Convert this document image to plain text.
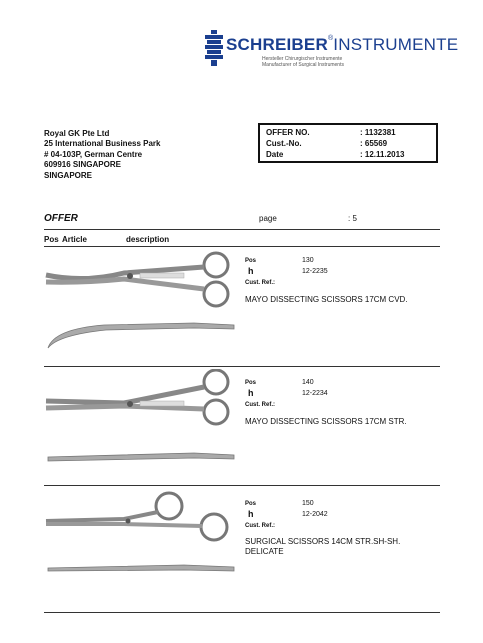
SCHREIBER®INSTRUMENTE
Hersteller Chirurgischer Instrumente
Manufacturer of Surgical Instruments
Royal GK Pte Ltd
25 International Business Park
# 04-103P, German Centre
609916 SINGAPORE
SINGAPORE
OFFER NO.	: 1132381
Cust.-No.	: 65569
Date	: 12.11.2013
OFFER	page	: 5
Pos Article	description
Pos	130
h	12-2235
Cust. Ref.:
MAYO DISSECTING SCISSORS 17CM CVD.
Pos	140
h	12-2234
Cust. Ref.:
MAYO DISSECTING SCISSORS 17CM STR.
Pos	150
h	12-2042
Cust. Ref.:
SURGICAL SCISSORS 14CM STR.SH-SH.
DELICATE
